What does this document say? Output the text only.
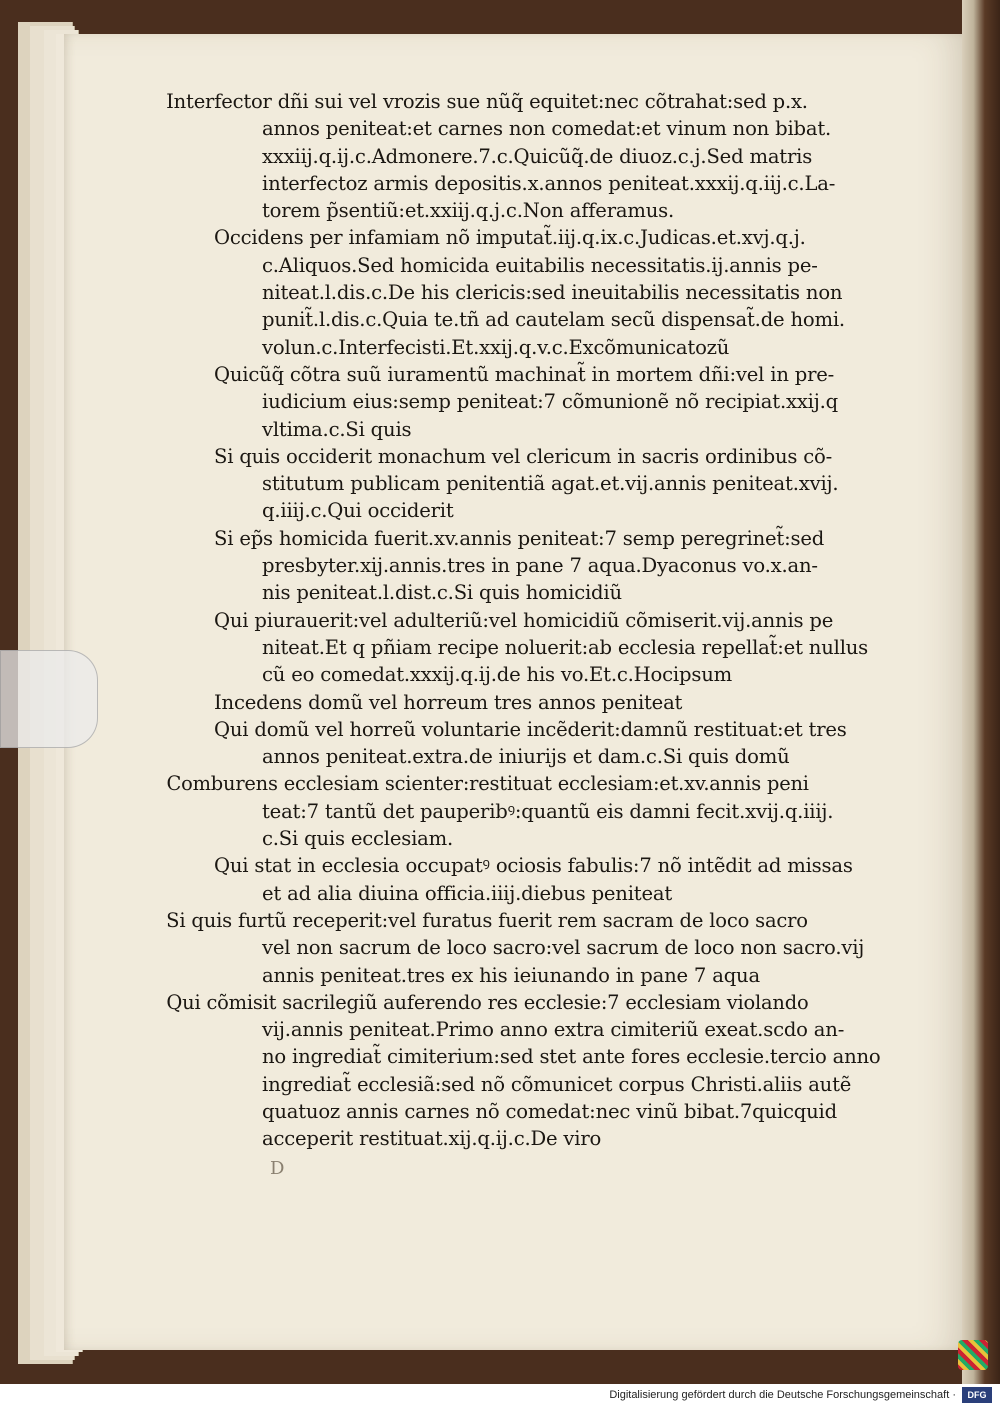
Interfector dñi sui vel vrozis sue nũq̃ equitet:nec cõtrahat:sed p.x.
annos peniteat:et carnes non comedat:et vinum non bibat.
xxxiij.q.ij.c.Admonere.7.c.Quicũq̃.de diuoz.c.j.Sed matris
interfectoz armis depositis.x.annos peniteat.xxxij.q.iij.c.La-
torem p̃sentiũ:et.xxiij.q.j.c.Non afferamus.

Occidens per infamiam nõ imputat̃.iij.q.ix.c.Judicas.et.xvj.q.j.
c.Aliquos.Sed homicida euitabilis necessitatis.ij.annis pe-
niteat.l.dis.c.De his clericis:sed ineuitabilis necessitatis non
punit̃.l.dis.c.Quia te.tñ ad cautelam secũ dispensat̃.de homi.
volun.c.Interfecisti.Et.xxij.q.v.c.Excõmunicatozũ

Quicũq̃ cõtra suũ iuramentũ machinat̃ in mortem dñi:vel in pre-
iudicium eius:semp peniteat:7 cõmunionẽ nõ recipiat.xxij.q
vltima.c.Si quis

Si quis occiderit monachum vel clericum in sacris ordinibus cõ-
stitutum publicam penitentiã agat.et.vij.annis peniteat.xvij.
q.iiij.c.Qui occiderit

Si ep̃s homicida fuerit.xv.annis peniteat:7 semp peregrinet̃:sed
presbyter.xij.annis.tres in pane 7 aqua.Dyaconus vo.x.an-
nis peniteat.l.dist.c.Si quis homicidiũ

Qui piurauerit:vel adulteriũ:vel homicidiũ cõmiserit.vij.annis pe
niteat.Et q pñiam recipe noluerit:ab ecclesia repellat̃:et nullus
cũ eo comedat.xxxij.q.ij.de his vo.Et.c.Hocipsum

Incedens domũ vel horreum tres annos peniteat

Qui domũ vel horreũ voluntarie incẽderit:damnũ restituat:et tres
annos peniteat.extra.de iniurijs et dam.c.Si quis domũ

Comburens ecclesiam scienter:restituat ecclesiam:et.xv.annis peni
teat:7 tantũ det pauperibꝰ:quantũ eis damni fecit.xvij.q.iiij.
c.Si quis ecclesiam.

Qui stat in ecclesia occupatꝰ ociosis fabulis:7 nõ intẽdit ad missas
et ad alia diuina officia.iiij.diebus peniteat

Si quis furtũ receperit:vel furatus fuerit rem sacram de loco sacro
vel non sacrum de loco sacro:vel sacrum de loco non sacro.vij
annis peniteat.tres ex his ieiunando in pane 7 aqua

Qui cõmisit sacrilegiũ auferendo res ecclesie:7 ecclesiam violando
vij.annis peniteat.Primo anno extra cimiteriũ exeat.scdo an-
no ingrediat̃ cimiterium:sed stet ante fores ecclesie.tercio anno
ingrediat̃ ecclesiã:sed nõ cõmunicet corpus Christi.aliis autẽ
quatuoz annis carnes nõ comedat:nec vinũ bibat.7quicquid
acceperit restituat.xij.q.ij.c.De viro

D
Digitalisierung gefördert durch die Deutsche Forschungsgemeinschaft ·	DFG
